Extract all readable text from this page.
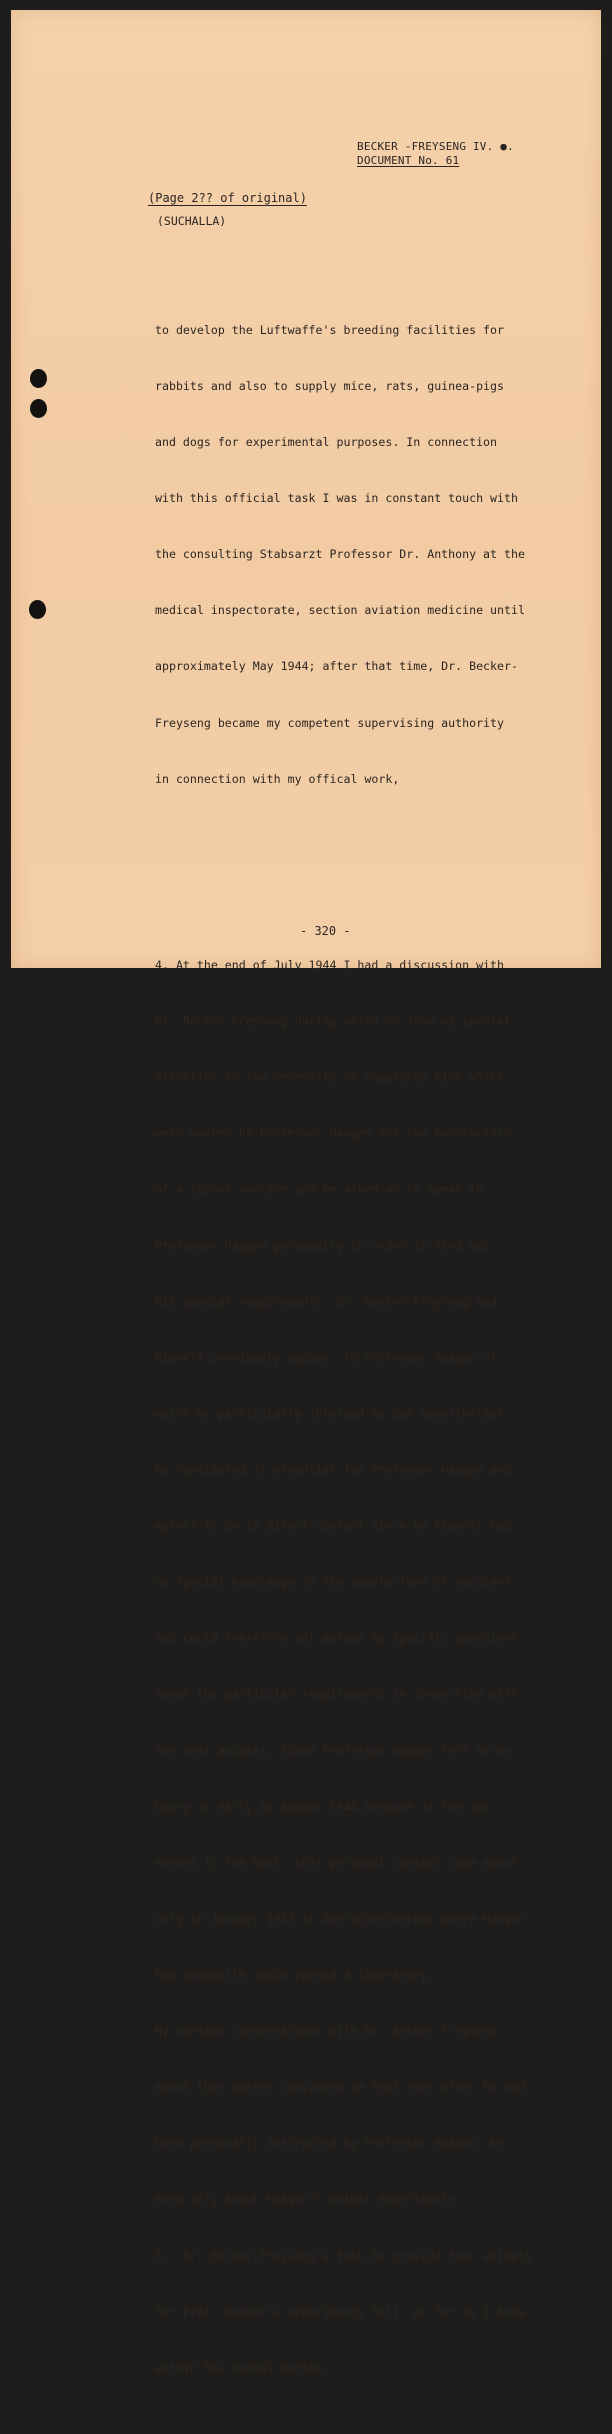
BECKER -FREYSENG IV. ●.
DOCUMENT No. 61
(Page 2?? of original)
(SUCHALLA)

to develop the Luftwaffe's breeding facilities for

rabbits and also to supply mice, rats, guinea-pigs

and dogs for experimental purposes. In connection

with this official task I was in constant touch with

the consulting Stabsarzt Professor Dr. Anthony at the

medical inspectorate, section aviation medicine until

approximately May 1944; after that time, Dr. Becker-

Freyseng became my competent supervising authority

in connection with my offical work,

4. At the end of July 1944 I had a discussion with

Dr. Becker-Freyseng during which he drew my special

attention to the necessity of supplying mice which

were wanted by Professor Haagen for the manufacture

of a typhus vaccine and he asked me to speak to

Professor Haagen personally in order to find out

his special requirements. Dr. Becker-Freyseng had

himself previously spoken  to Professor Haagen of

which he particularly informed me but nevertheless

he considered it essential for Professor Haagen and

myself to be in direct contact since he himself had

no special knowledge of the manufacture of vaccines

and could therefore not answer my specific questions

about the particular requirements in connection with

the test animals. Since Professor Haagen left Stras-

bourg as early as August 1944 because of the war

events in the West, this personal contact came about

only in January 1945 at Oberschreiberhau where Haagen

had meanwhile again opened a laboratory.

My various conversations with Dr. Becker-Freyseng

about this matter convinced me that even after he had

been personally instructed by Professor Haagen, he

knew only about Haagen's animal experiments.

5.  Dr. Becker-Freyseng's task to provide test animals

for Prof. Haagen's experiments fell, as far as I know

within his normal duties.

- 320 -
